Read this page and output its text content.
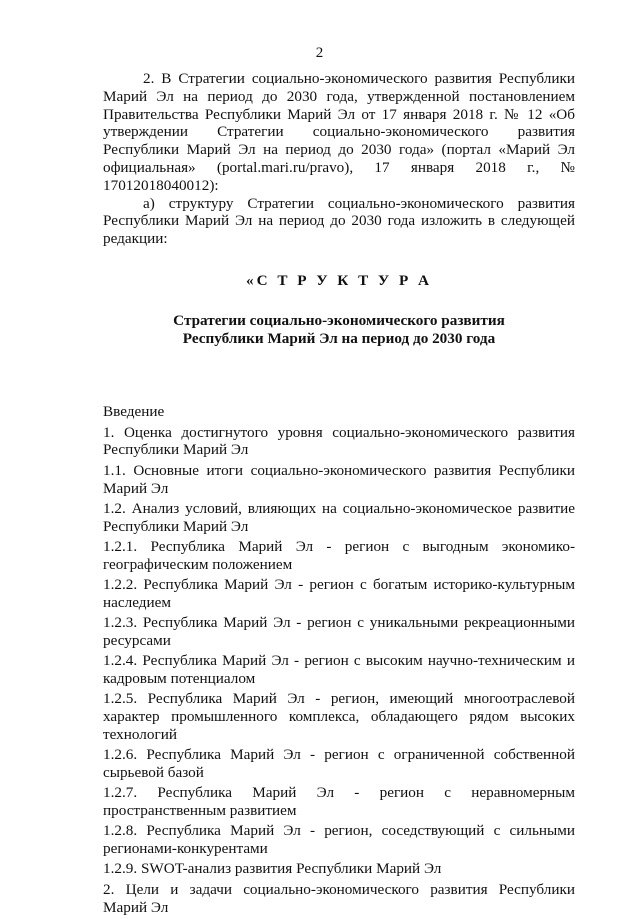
2

2. В Стратегии социально-экономического развития Республики Марий Эл на период до 2030 года, утвержденной постановлением Правительства Республики Марий Эл от 17 января 2018 г. № 12 «Об утверждении Стратегии социально-экономического развития Республики Марий Эл на период до 2030 года» (портал «Марий Эл официальная» (portal.mari.ru/pravo), 17 января 2018 г., № 17012018040012):

а) структуру Стратегии социально-экономического развития Республики Марий Эл на период до 2030 года изложить в следующей редакции:

«С Т Р У К Т У Р А

Стратегии социально-экономического развития
Республики Марий Эл на период до 2030 года

Введение

1. Оценка достигнутого уровня социально-экономического развития Республики Марий Эл

1.1. Основные итоги социально-экономического развития Республики Марий Эл

1.2. Анализ условий, влияющих на социально-экономическое развитие Республики Марий Эл

1.2.1. Республика Марий Эл - регион с выгодным экономико-географическим положением

1.2.2. Республика Марий Эл - регион с богатым историко-культурным наследием

1.2.3. Республика Марий Эл - регион с уникальными рекреационными ресурсами

1.2.4. Республика Марий Эл - регион с высоким научно-техническим и кадровым потенциалом

1.2.5. Республика Марий Эл - регион, имеющий многоотраслевой характер промышленного комплекса, обладающего рядом высоких технологий

1.2.6. Республика Марий Эл - регион с ограниченной собственной сырьевой базой

1.2.7. Республика Марий Эл - регион с неравномерным пространственным развитием

1.2.8. Республика Марий Эл - регион, соседствующий с сильными регионами-конкурентами

1.2.9. SWOT-анализ развития Республики Марий Эл

2. Цели и задачи социально-экономического развития Республики Марий Эл
